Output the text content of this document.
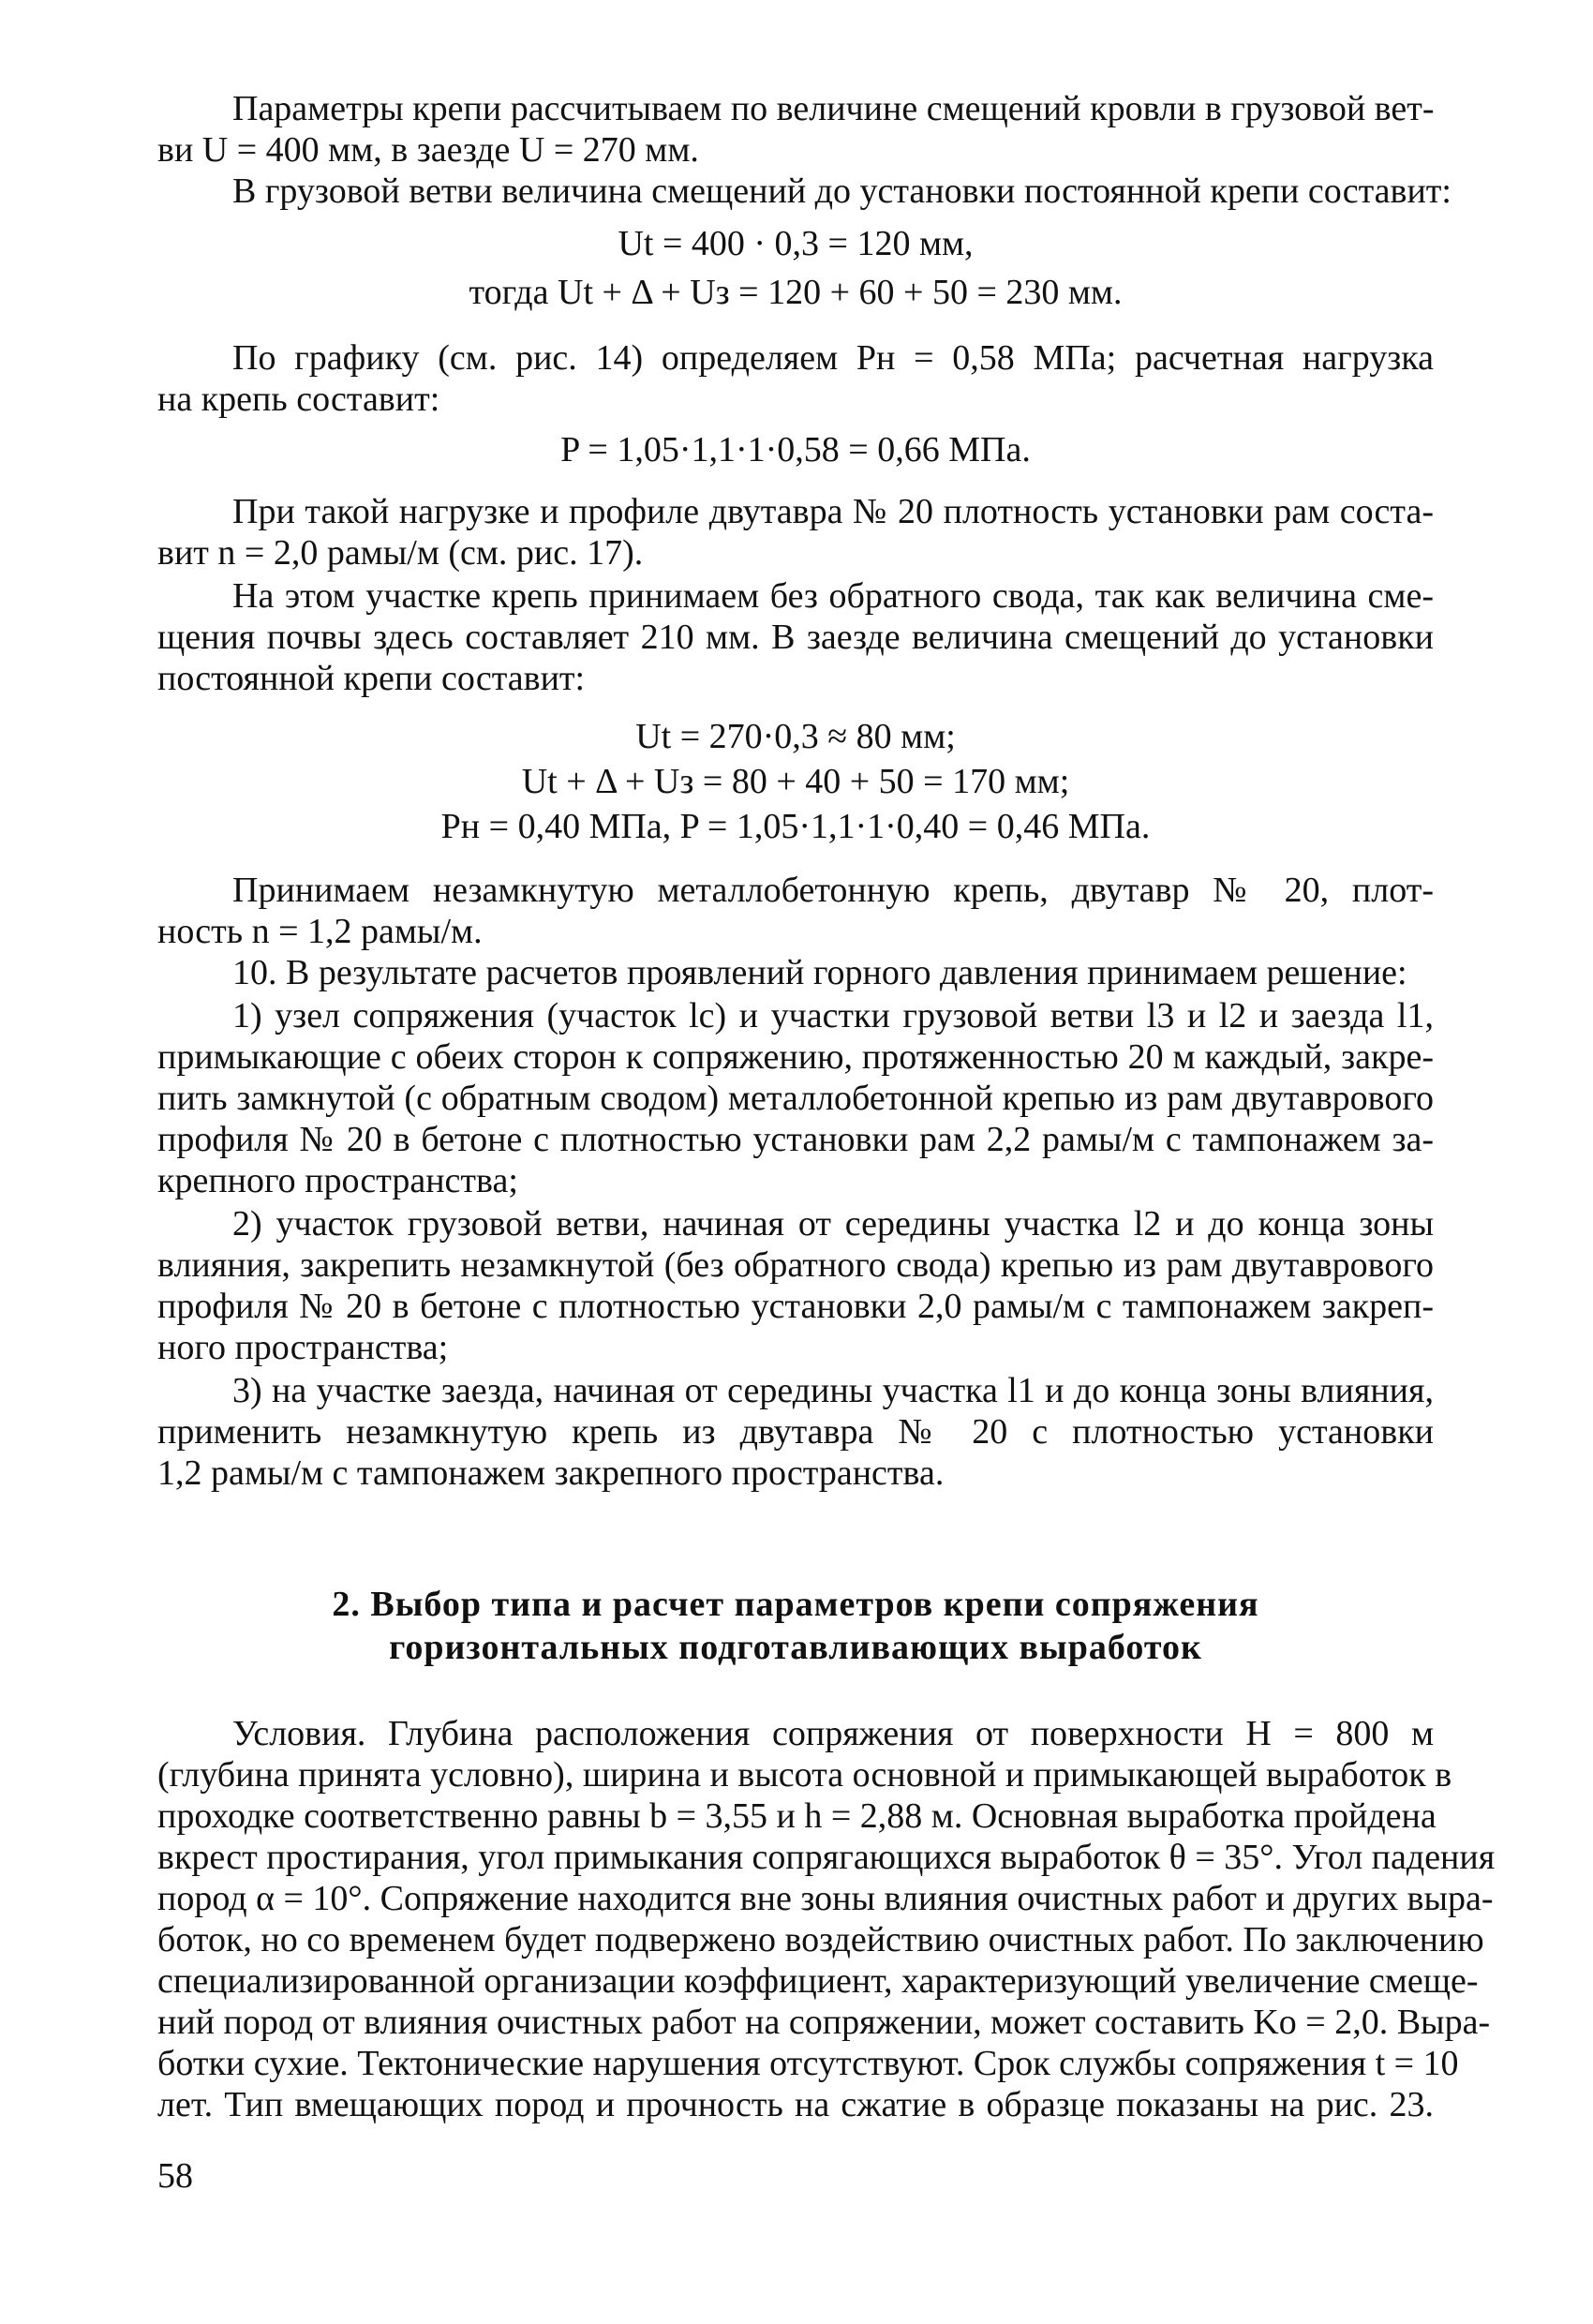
Параметры крепи рассчитываем по величине смещений кровли в грузовой вет-
ви U = 400 мм, в заезде U = 270 мм.
В грузовой ветви величина смещений до установки постоянной крепи составит:
Ut = 400 · 0,3 = 120 мм,
тогда Ut + Δ + Uз = 120 + 60 + 50 = 230 мм.
По графику (см. рис. 14) определяем Pн = 0,58 МПа; расчетная нагрузка
на крепь составит:
P = 1,05·1,1·1·0,58 = 0,66 МПа.
При такой нагрузке и профиле двутавра № 20 плотность установки рам соста-
вит n = 2,0 рамы/м (см. рис. 17).
На этом участке крепь принимаем без обратного свода, так как величина сме-
щения почвы здесь составляет 210 мм. В заезде величина смещений до установки
постоянной крепи составит:
Ut = 270·0,3 ≈ 80 мм;
Ut + Δ + Uз = 80 + 40 + 50 = 170 мм;
Pн = 0,40 МПа, P = 1,05·1,1·1·0,40 = 0,46 МПа.
Принимаем незамкнутую металлобетонную крепь, двутавр № 20, плот-
ность n = 1,2 рамы/м.
10. В результате расчетов проявлений горного давления принимаем решение:
1) узел сопряжения (участок lс) и участки грузовой ветви l3 и l2 и заезда l1,
примыкающие с обеих сторон к сопряжению, протяженностью 20 м каждый, закре-
пить замкнутой (с обратным сводом) металлобетонной крепью из рам двутаврового
профиля № 20 в бетоне с плотностью установки рам 2,2 рамы/м с тампонажем за-
крепного пространства;
2) участок грузовой ветви, начиная от середины участка l2 и до конца зоны
влияния, закрепить незамкнутой (без обратного свода) крепью из рам двутаврового
профиля № 20 в бетоне с плотностью установки 2,0 рамы/м с тампонажем закреп-
ного пространства;
3) на участке заезда, начиная от середины участка l1 и до конца зоны влияния,
применить незамкнутую крепь из двутавра № 20 с плотностью установки
1,2 рамы/м с тампонажем закрепного пространства.
2. Выбор типа и расчет параметров крепи сопряжения
горизонтальных подготавливающих выработок
Условия. Глубина расположения сопряжения от поверхности H = 800 м
(глубина принята условно), ширина и высота основной и примыкающей выработок в
проходке соответственно равны b = 3,55 и h = 2,88 м. Основная выработка пройдена
вкрест простирания, угол примыкания сопрягающихся выработок θ = 35°. Угол падения
пород α = 10°. Сопряжение находится вне зоны влияния очистных работ и других выра-
боток, но со временем будет подвержено воздействию очистных работ. По заключению
специализированной организации коэффициент, характеризующий увеличение смеще-
ний пород от влияния очистных работ на сопряжении, может составить Kо = 2,0. Выра-
ботки сухие. Тектонические нарушения отсутствуют. Срок службы сопряжения t = 10
лет. Тип вмещающих пород и прочность на сжатие в образце показаны на рис. 23.
58
